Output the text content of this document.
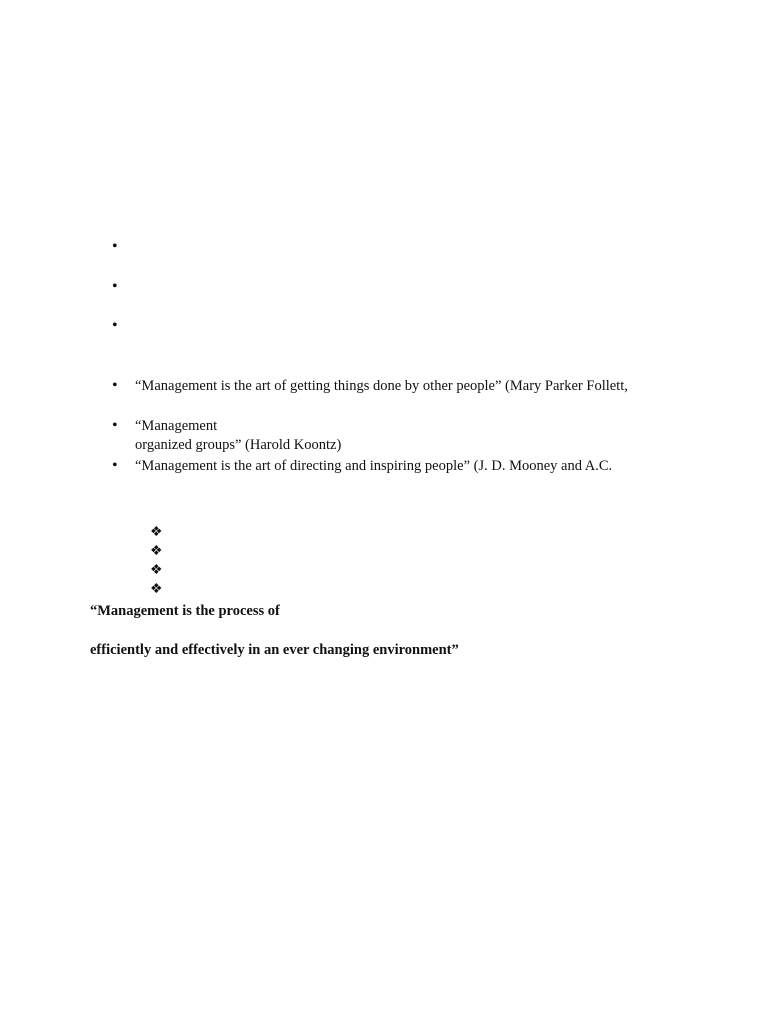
•
•
•
• “Management is the art of getting things done by other people” (Mary Parker Follett,
• “Management
organized groups” (Harold Koontz)
• “Management is the art of directing and inspiring people” (J. D. Mooney and A.C.
❖
❖
❖
❖
“Management is the process of
efficiently and effectively in an ever changing environment”
